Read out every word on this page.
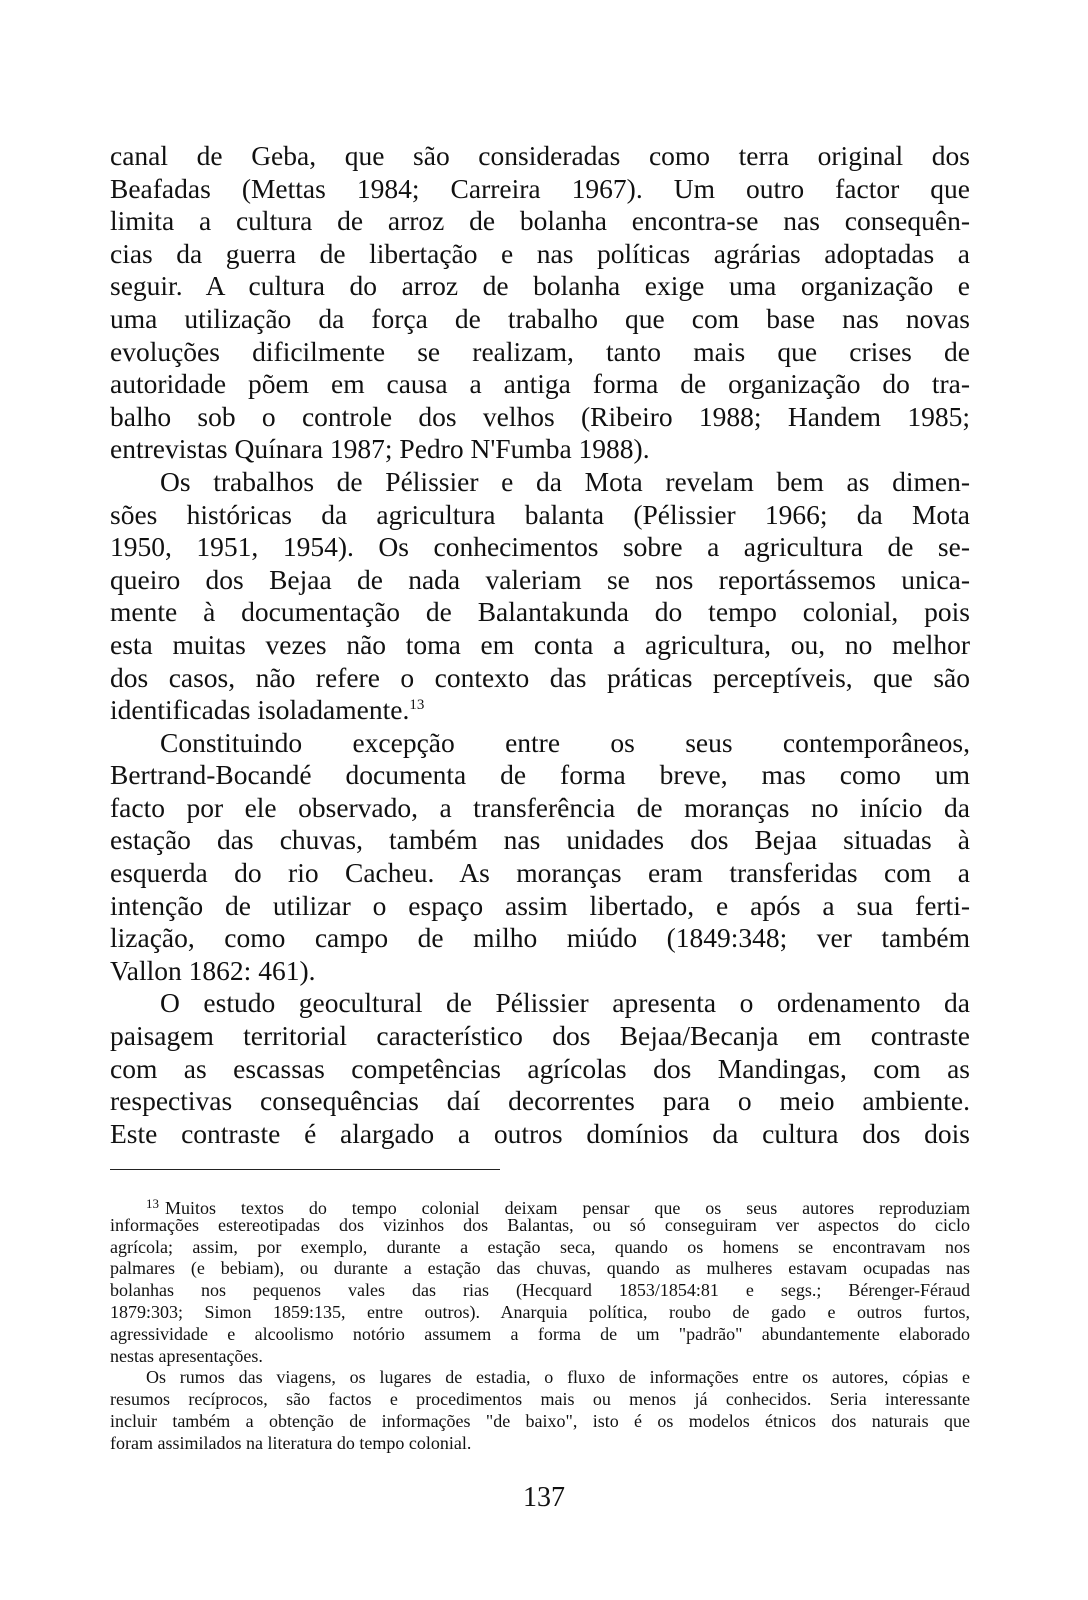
canal de Geba, que são consideradas como terra original dos
Beafadas (Mettas 1984; Carreira 1967). Um outro factor que
limita a cultura de arroz de bolanha encontra-se nas consequên-
cias da guerra de libertação e nas políticas agrárias adoptadas a
seguir. A cultura do arroz de bolanha exige uma organização e
uma utilização da força de trabalho que com base nas novas
evoluções dificilmente se realizam, tanto mais que crises de
autoridade põem em causa a antiga forma de organização do tra-
balho sob o controle dos velhos (Ribeiro 1988; Handem 1985;
entrevistas Quínara 1987; Pedro N'Fumba 1988).
Os trabalhos de Pélissier e da Mota revelam bem as dimen-
sões históricas da agricultura balanta (Pélissier 1966; da Mota
1950, 1951, 1954). Os conhecimentos sobre a agricultura de se-
queiro dos Bejaa de nada valeriam se nos reportássemos unica-
mente à documentação de Balantakunda do tempo colonial, pois
esta muitas vezes não toma em conta a agricultura, ou, no melhor
dos casos, não refere o contexto das práticas perceptíveis, que são
identificadas isoladamente.$^{13}$
Constituindo excepção entre os seus contemporâneos,
Bertrand-Bocandé documenta de forma breve, mas como um
facto por ele observado, a transferência de moranças no início da
estação das chuvas, também nas unidades dos Bejaa situadas à
esquerda do rio Cacheu. As moranças eram transferidas com a
intenção de utilizar o espaço assim libertado, e após a sua ferti-
lização, como campo de milho miúdo (1849:348; ver também
Vallon 1862: 461).
O estudo geocultural de Pélissier apresenta o ordenamento da
paisagem territorial característico dos Bejaa/Becanja em contraste
com as escassas competências agrícolas dos Mandingas, com as
respectivas consequências daí decorrentes para o meio ambiente.
Este contraste é alargado a outros domínios da cultura dos dois
$^{13}$ Muitos textos do tempo colonial deixam pensar que os seus autores reproduziam
informações estereotipadas dos vizinhos dos Balantas, ou só conseguiram ver aspectos do ciclo
agrícola; assim, por exemplo, durante a estação seca, quando os homens se encontravam nos
palmares (e bebiam), ou durante a estação das chuvas, quando as mulheres estavam ocupadas nas
bolanhas nos pequenos vales das rias (Hecquard 1853/1854:81 e segs.; Bérenger-Féraud
1879:303; Simon 1859:135, entre outros). Anarquia política, roubo de gado e outros furtos,
agressividade e alcoolismo notório assumem a forma de um "padrão" abundantemente elaborado
nestas apresentações.
Os rumos das viagens, os lugares de estadia, o fluxo de informações entre os autores, cópias e
resumos recíprocos, são factos e procedimentos mais ou menos já conhecidos. Seria interessante
incluir também a obtenção de informações "de baixo", isto é os modelos étnicos dos naturais que
foram assimilados na literatura do tempo colonial.
137
